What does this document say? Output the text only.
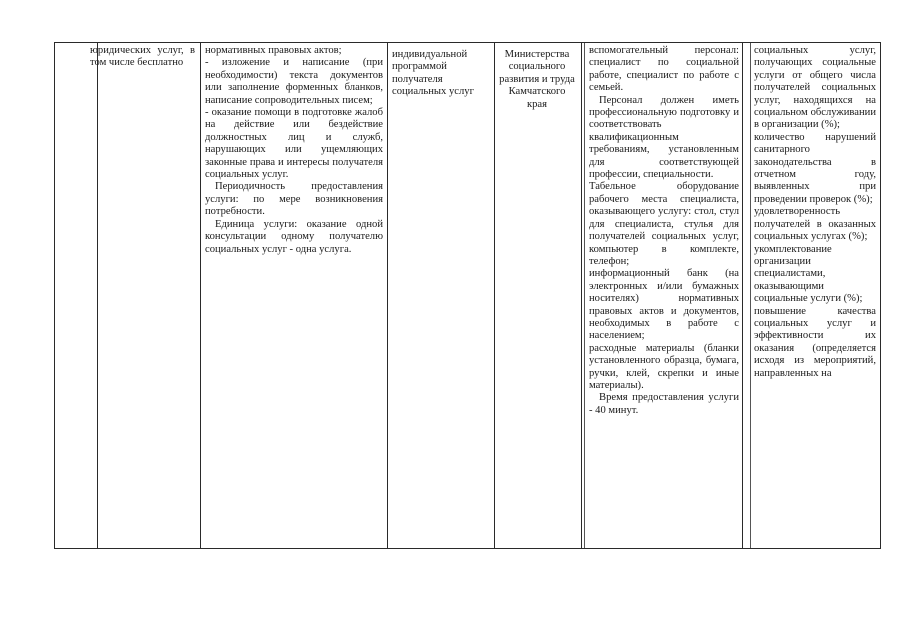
юридических услуг, в том числе бесплатно

нормативных правовых актов;

- изложение и написание (при необходимости) текста документов или заполнение форменных бланков, написание сопроводительных писем;

- оказание помощи в подготовке жалоб на действие или бездействие должностных лиц и служб, нарушающих или ущемляющих законные права и интересы получателя социальных услуг.

Периодичность предоставления услуги: по мере возникновения потребности.

Единица услуги: оказание одной консультации одному получателю социальных услуг - одна услуга.

индивидуальной программой получателя социальных услуг

Министерства социального развития и труда Камчатского края

вспомогательный персонал: специалист по социальной работе, специалист по работе с семьей.

Персонал должен иметь профессиональную подготовку и соответствовать квалификационным требованиям, установленным для соответствующей профессии, специальности.

Табельное оборудование рабочего места специалиста, оказывающего услугу: стол, стул для специалиста, стулья для получателей социальных услуг, компьютер в комплекте, телефон;

информационный банк (на электронных и/или бумажных носителях) нормативных правовых актов и документов, необходимых в работе с населением;

расходные материалы (бланки установленного образца, бумага, ручки, клей, скрепки и иные материалы).

Время предоставления услуги - 40 минут.

социальных услуг, получающих социальные услуги от общего числа получателей социальных услуг, находящихся на социальном обслуживании в организации (%);

количество нарушений санитарного законодательства в отчетном году, выявленных при проведении проверок (%);

удовлетворенность получателей в оказанных социальных услугах (%);

укомплектование организации специалистами, оказывающими социальные услуги (%);

повышение качества социальных услуг и эффективности их оказания (определяется исходя из мероприятий, направленных на
